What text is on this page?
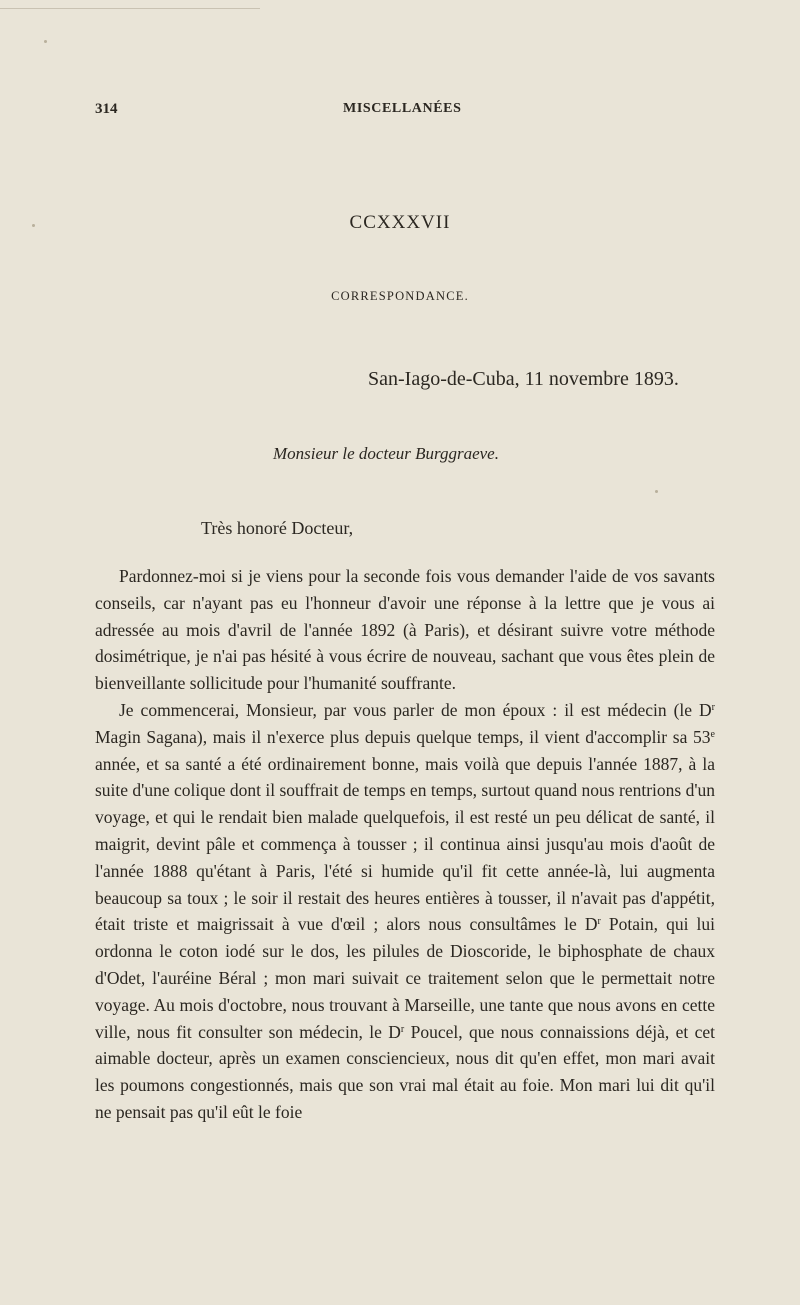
314	MISCELLANÉES
CCXXXVII
CORRESPONDANCE.
San-Iago-de-Cuba, 11 novembre 1893.
Monsieur le docteur Burggraeve.
Très honoré Docteur,

Pardonnez-moi si je viens pour la seconde fois vous demander l'aide de vos savants conseils, car n'ayant pas eu l'honneur d'avoir une réponse à la lettre que je vous ai adressée au mois d'avril de l'année 1892 (à Paris), et désirant suivre votre méthode dosimétrique, je n'ai pas hésité à vous écrire de nouveau, sachant que vous êtes plein de bienveillante sollicitude pour l'humanité souffrante.

Je commencerai, Monsieur, par vous parler de mon époux : il est médecin (le $D^r$ Magin Sagana), mais il n'exerce plus depuis quelque temps, il vient d'accomplir sa 53e année, et sa santé a été ordinairement bonne, mais voilà que depuis l'année 1887, à la suite d'une colique dont il souffrait de temps en temps, surtout quand nous rentrions d'un voyage, et qui le rendait bien malade quelquefois, il est resté un peu délicat de santé, il maigrit, devint pâle et commença à tousser ; il continua ainsi jusqu'au mois d'août de l'année 1888 qu'étant à Paris, l'été si humide qu'il fit cette année-là, lui augmenta beaucoup sa toux ; le soir il restait des heures entières à tousser, il n'avait pas d'appétit, était triste et maigrissait à vue d'œil ; alors nous consultâmes le $D^r$ Potain, qui lui ordonna le coton iodé sur le dos, les pilules de Dioscoride, le biphosphate de chaux d'Odet, l'auréine Béral ; mon mari suivait ce traitement selon que le permettait notre voyage. Au mois d'octobre, nous trouvant à Marseille, une tante que nous avons en cette ville, nous fit consulter son médecin, le $D^r$ Poucel, que nous connaissions déjà, et cet aimable docteur, après un examen consciencieux, nous dit qu'en effet, mon mari avait les poumons congestionnés, mais que son vrai mal était au foie. Mon mari lui dit qu'il ne pensait pas qu'il eût le foie
